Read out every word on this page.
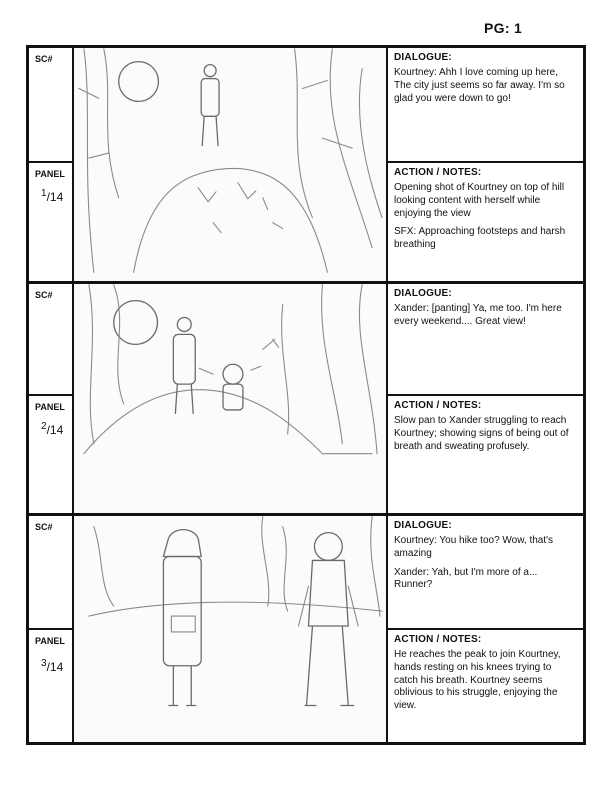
PG: 1
SC#
PANEL
$^1$/14
DIALOGUE:

Kourtney: Ahh I love coming up here, The city just seems so far away. I'm so glad you were down to go!

ACTION / NOTES:

Opening shot of Kourtney on top of hill looking content with herself while enjoying the view

SFX: Approaching footsteps and harsh breathing

SC#
PANEL
$^2$/14
DIALOGUE:

Xander: [panting] Ya, me too. I'm here every weekend.... Great view!

ACTION / NOTES:

Slow pan to Xander struggling to reach Kourtney; showing signs of being out of breath and sweating profusely.

SC#
PANEL
$^3$/14
DIALOGUE:

Kourtney: You hike too? Wow, that's amazing

Xander: Yah, but I'm more of a... Runner?

ACTION / NOTES:

He reaches the peak to join Kourtney, hands resting on his knees trying to catch his breath. Kourtney seems oblivious to his struggle, enjoying the view.
